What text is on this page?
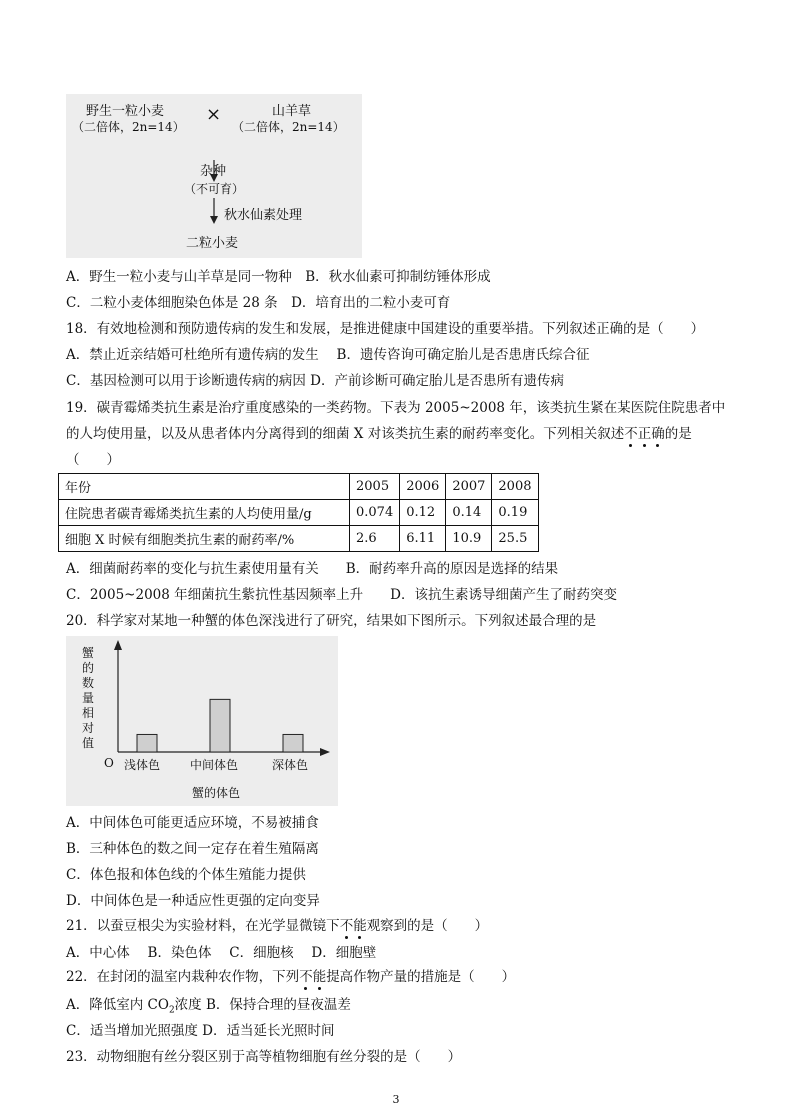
野生一粒小麦
（二倍体，2n=14）
×	山羊草
（二倍体，2n=14）
杂种
（不可育）
秋水仙素处理
二粒小麦
A．野生一粒小麦与山羊草是同一物种　B．秋水仙素可抑制纺锤体形成
C．二粒小麦体细胞染色体是 28 条　D．培育出的二粒小麦可育
18．有效地检测和预防遗传病的发生和发展，是推进健康中国建设的重要举措。下列叙述正确的是（　　）
A．禁止近亲结婚可杜绝所有遗传病的发生　 B．遗传咨询可确定胎儿是否患唐氏综合征
C．基因检测可以用于诊断遗传病的病因 D．产前诊断可确定胎儿是否患所有遗传病
19．碳青霉烯类抗生素是治疗重度感染的一类药物。下表为 2005~2008 年，该类抗生紧在某医院住院患者中
的人均使用量，以及从患者体内分离得到的细菌 X 对该类抗生素的耐药率变化。下列相关叙述不正确的是
（　　）
年份	2005	2006	2007	2008
住院患者碳青霉烯类抗生素的人均使用量/g	0.074	0.12	0.14	0.19
细胞 X 时候有细胞类抗生素的耐药率/%	2.6	6.11	10.9	25.5
A．细菌耐药率的变化与抗生素使用量有关　　B．耐药率升高的原因是选择的结果
C．2005~2008 年细菌抗生紫抗性基因频率上升　　D．该抗生素诱导细菌产生了耐药突变
20．科学家对某地一种蟹的体色深浅进行了研究，结果如下图所示。下列叙述最合理的是
蟹的数量相对值
O 浅体色 中间体色	深体色
蟹的体色
A．中间体色可能更适应环境，不易被捕食
B．三种体色的数之间一定存在着生殖隔离
C．体色报和体色线的个体生殖能力提供
D．中间体色是一种适应性更强的定向变异
21．以蚕豆根尖为实验材料，在光学显微镜下不能观察到的是（　　）
A．中心体　 B．染色体　 C．细胞核　 D．细胞壁
22．在封闭的温室内栽种农作物，下列不能提高作物产量的措施是（　　）
A．降低室内 $CO_2$浓度 B．保持合理的昼夜温差
C．适当增加光照强度 D．适当延长光照时间
23．动物细胞有丝分裂区别于高等植物细胞有丝分裂的是（　　）
3
